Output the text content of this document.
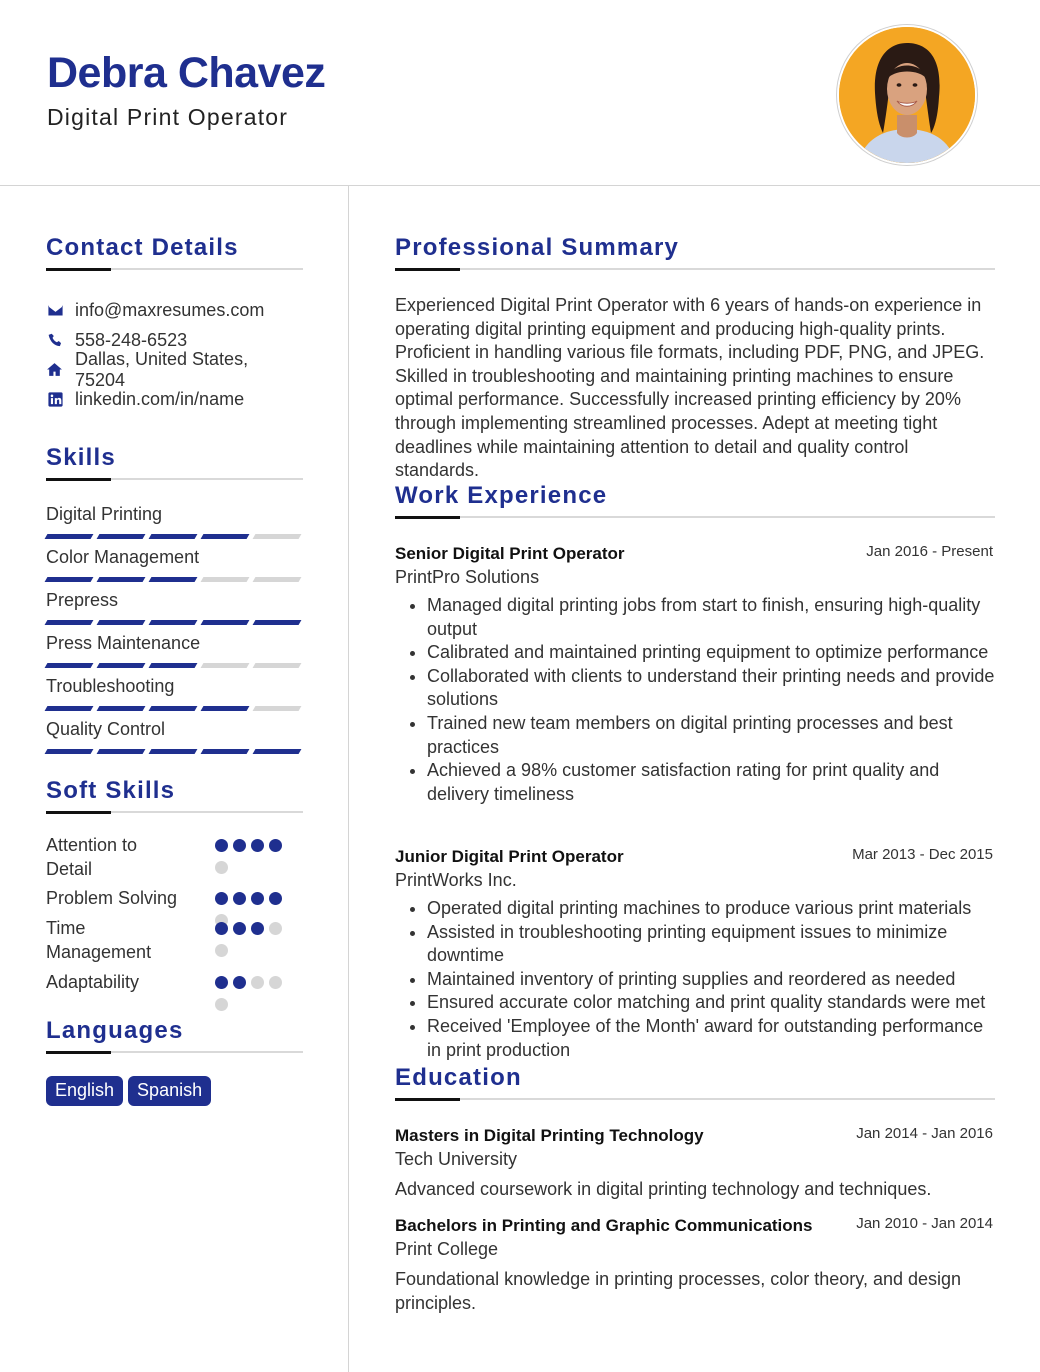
Debra Chavez
Digital Print Operator
Contact Details
info@maxresumes.com
558-248-6523
Dallas, United States, 75204
linkedin.com/in/name
Skills
Digital Printing
Color Management
Prepress
Press Maintenance
Troubleshooting
Quality Control
Soft Skills
Attention to Detail
Problem Solving
Time Management
Adaptability
Languages
English	Spanish
Professional Summary

Experienced Digital Print Operator with 6 years of hands-on experience in operating digital printing equipment and producing high-quality prints. Proficient in handling various file formats, including PDF, PNG, and JPEG. Skilled in troubleshooting and maintaining printing machines to ensure optimal performance. Successfully increased printing efficiency by 20% through implementing streamlined processes. Adept at meeting tight deadlines while maintaining attention to detail and quality control standards.

Work Experience
Senior Digital Print Operator	Jan 2016 - Present
PrintPro Solutions
• Managed digital printing jobs from start to finish, ensuring high-quality output
• Calibrated and maintained printing equipment to optimize performance
• Collaborated with clients to understand their printing needs and provide solutions
• Trained new team members on digital printing processes and best practices
• Achieved a 98% customer satisfaction rating for print quality and delivery timeliness
Junior Digital Print Operator	Mar 2013 - Dec 2015
PrintWorks Inc.
• Operated digital printing machines to produce various print materials
• Assisted in troubleshooting printing equipment issues to minimize downtime
• Maintained inventory of printing supplies and reordered as needed
• Ensured accurate color matching and print quality standards were met
• Received 'Employee of the Month' award for outstanding performance in print production
Education
Masters in Digital Printing Technology	Jan 2014 - Jan 2016
Tech University
Advanced coursework in digital printing technology and techniques.
Bachelors in Printing and Graphic Communications	Jan 2010 - Jan 2014
Print College
Foundational knowledge in printing processes, color theory, and design principles.
